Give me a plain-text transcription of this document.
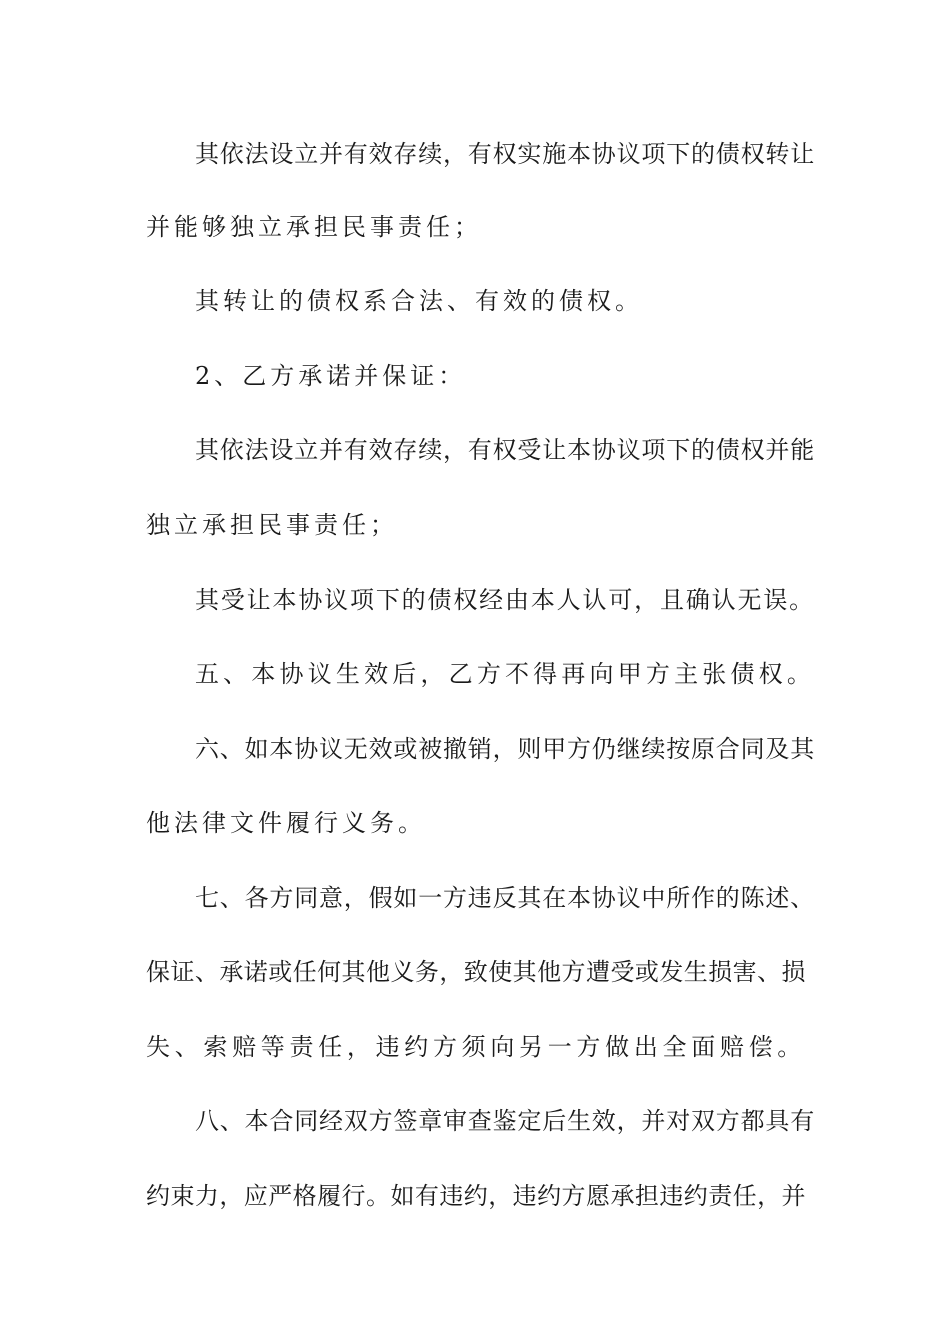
其依法设立并有效存续，有权实施本协议项下的债权转让
并能够独立承担民事责任；
其转让的债权系合法、有效的债权。
2、乙方承诺并保证：
其依法设立并有效存续，有权受让本协议项下的债权并能
独立承担民事责任；
其受让本协议项下的债权经由本人认可，且确认无误。
五、本协议生效后，乙方不得再向甲方主张债权。
六、如本协议无效或被撤销，则甲方仍继续按原合同及其
他法律文件履行义务。
七、各方同意，假如一方违反其在本协议中所作的陈述、
保证、承诺或任何其他义务，致使其他方遭受或发生损害、损
失、索赔等责任，违约方须向另一方做出全面赔偿。
八、本合同经双方签章审查鉴定后生效，并对双方都具有
约束力，应严格履行。如有违约，违约方愿承担违约责任，并
